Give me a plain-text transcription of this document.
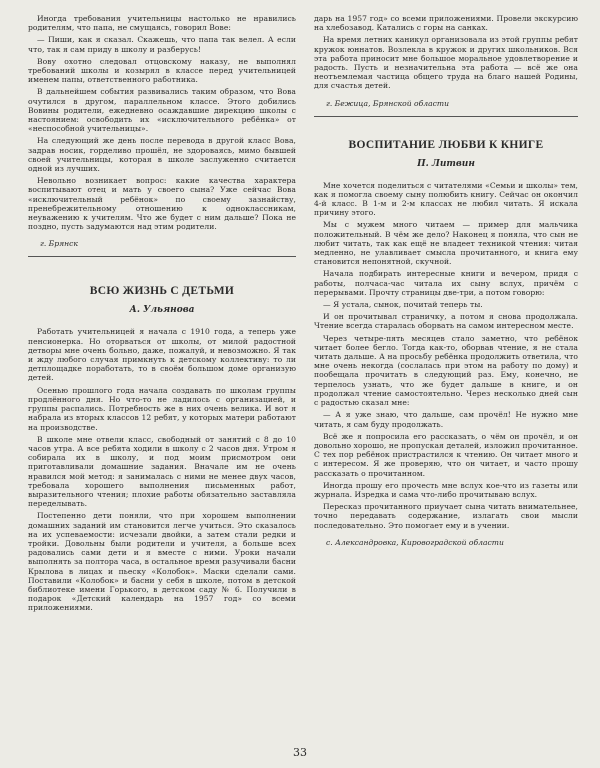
Иногда требования учительницы настолько не нравились родителям, что папа, не смущаясь, говорил Вове:

— Пиши, как я сказал. Скажешь, что папа так велел. А если что, так я сам приду в школу и разберусь!

Вову охотно следовал отцовскому наказу, не выполнял требований школы и козырял в классе перед учительницей именем папы, ответственного работника.

В дальнейшем события развивались таким образом, что Вова очутился в другом, параллельном классе. Этого добились Вовины родители, ежедневно осаждавшие дирекцию школы с настоянием: освободить их «исключительного ребёнка» от «неспособной учительницы».

На следующий же день после перевода в другой класс Вова, задрав носик, горделиво прошёл, не здороваясь, мимо бывшей своей учительницы, которая в школе заслуженно считается одной из лучших.

Невольно возникает вопрос: какие качества характера воспитывают отец и мать у своего сына? Уже сейчас Вова «исключительный ребёнок» по своему зазнайству, пренебрежительному отношению к одноклассникам, неуважению к учителям. Что же будет с ним дальше? Пока не поздно, пусть задумаются над этим родители.

г. Брянск
ВСЮ ЖИЗНЬ С ДЕТЬМИ
А. Ульянова

Работать учительницей я начала с 1910 года, а теперь уже пенсионерка. Но оторваться от школы, от милой радостной детворы мне очень больно, даже, пожалуй, и невозможно. Я так и жду любого случая примкнуть к детскому коллективу: то ли детплощадке поработать, то в своём большом доме организую детей.

Осенью прошлого года начала создавать по школам группы продлённого дня. Но что-то не ладилось с организацией, и группы распались. Потребность же в них очень велика. И вот я набрала из вторых классов 12 ребят, у которых матери работают на производстве.

В школе мне отвели класс, свободный от занятий с 8 до 10 часов утра. А все ребята ходили в школу с 2 часов дня. Утром я собирала их в школу, и под моим присмотром они приготавливали домашние задания. Вначале им не очень нравился мой метод: я занималась с ними не менее двух часов, требовала хорошего выполнения письменных работ, выразительного чтения; плохие работы обязательно заставляла переделывать.

Постепенно дети поняли, что при хорошем выполнении домашних заданий им становится легче учиться. Это сказалось на их успеваемости: исчезали двойки, а затем стали редки и тройки. Довольны были родители и учителя, а больше всех радовались сами дети и я вместе с ними. Уроки начали выполнять за полтора часа, в остальное время разучивали басни Крылова в лицах и пьеску «Колобок». Маски сделали сами. Поставили «Колобок» и басни у себя в школе, потом в детской библиотеке имени Горького, в детском саду № 6. Получили в подарок «Детский календарь на 1957 год» со всеми приложениями.

дарь на 1957 год» со всеми приложениями. Провели экскурсию на хлебозавод. Катались с горы на санках.

На время летних каникул организовала из этой группы ребят кружок юннатов. Возлекла в кружок и других школьников. Вся эта работа приносит мне большое моральное удовлетворение и радость. Пусть и незначительна эта работа — всё же она неотъемлемая частица общего труда на благо нашей Родины, для счастья детей.

г. Бежица, Брянской области
ВОСПИТАНИЕ ЛЮБВИ К КНИГЕ
П. Литвин

Мне хочется поделиться с читателями «Семьи и школы» тем, как я помогла своему сыну полюбить книгу. Сейчас он окончил 4-й класс. В 1-м и 2-м классах не любил читать. Я искала причину этого.

Мы с мужем много читаем — пример для мальчика положительный. В чём же дело? Наконец я поняла, что сын не любит читать, так как ещё не владеет техникой чтения: читая медленно, не улавливает смысла прочитанного, и книга ему становится непонятной, скучной.

Начала подбирать интересные книги и вечером, придя с работы, полчаса-час читала их сыну вслух, причём с перерывами. Прочту страницы две-три, а потом говорю:

— Я устала, сынок, почитай теперь ты.

И он прочитывал страничку, а потом я снова продолжала. Чтение всегда старалась оборвать на самом интересном месте.

Через четыре-пять месяцев стало заметно, что ребёнок читает более бегло. Тогда как-то, оборвав чтение, я не стала читать дальше. А на просьбу ребёнка продолжить ответила, что мне очень некогда (сослалась при этом на работу по дому) и пообещала прочитать в следующий раз. Ему, конечно, не терпелось узнать, что же будет дальше в книге, и он продолжал чтение самостоятельно. Через несколько дней сын с радостью сказал мне:

— А я уже знаю, что дальше, сам прочёл! Не нужно мне читать, я сам буду продолжать.

Всё же я попросила его рассказать, о чём он прочёл, и он довольно хорошо, не пропуская деталей, изложил прочитанное. С тех пор ребёнок пристрастился к чтению. Он читает много и с интересом. Я же проверяю, что он читает, и часто прошу рассказать о прочитанном.

Иногда прошу его прочесть мне вслух кое-что из газеты или журнала. Изредка и сама что-либо прочитываю вслух.

Пересказ прочитанного приучает сына читать внимательнее, точно передавать содержание, излагать свои мысли последовательно. Это помогает ему и в учении.

с. Александровка, Кировоградской области
33
